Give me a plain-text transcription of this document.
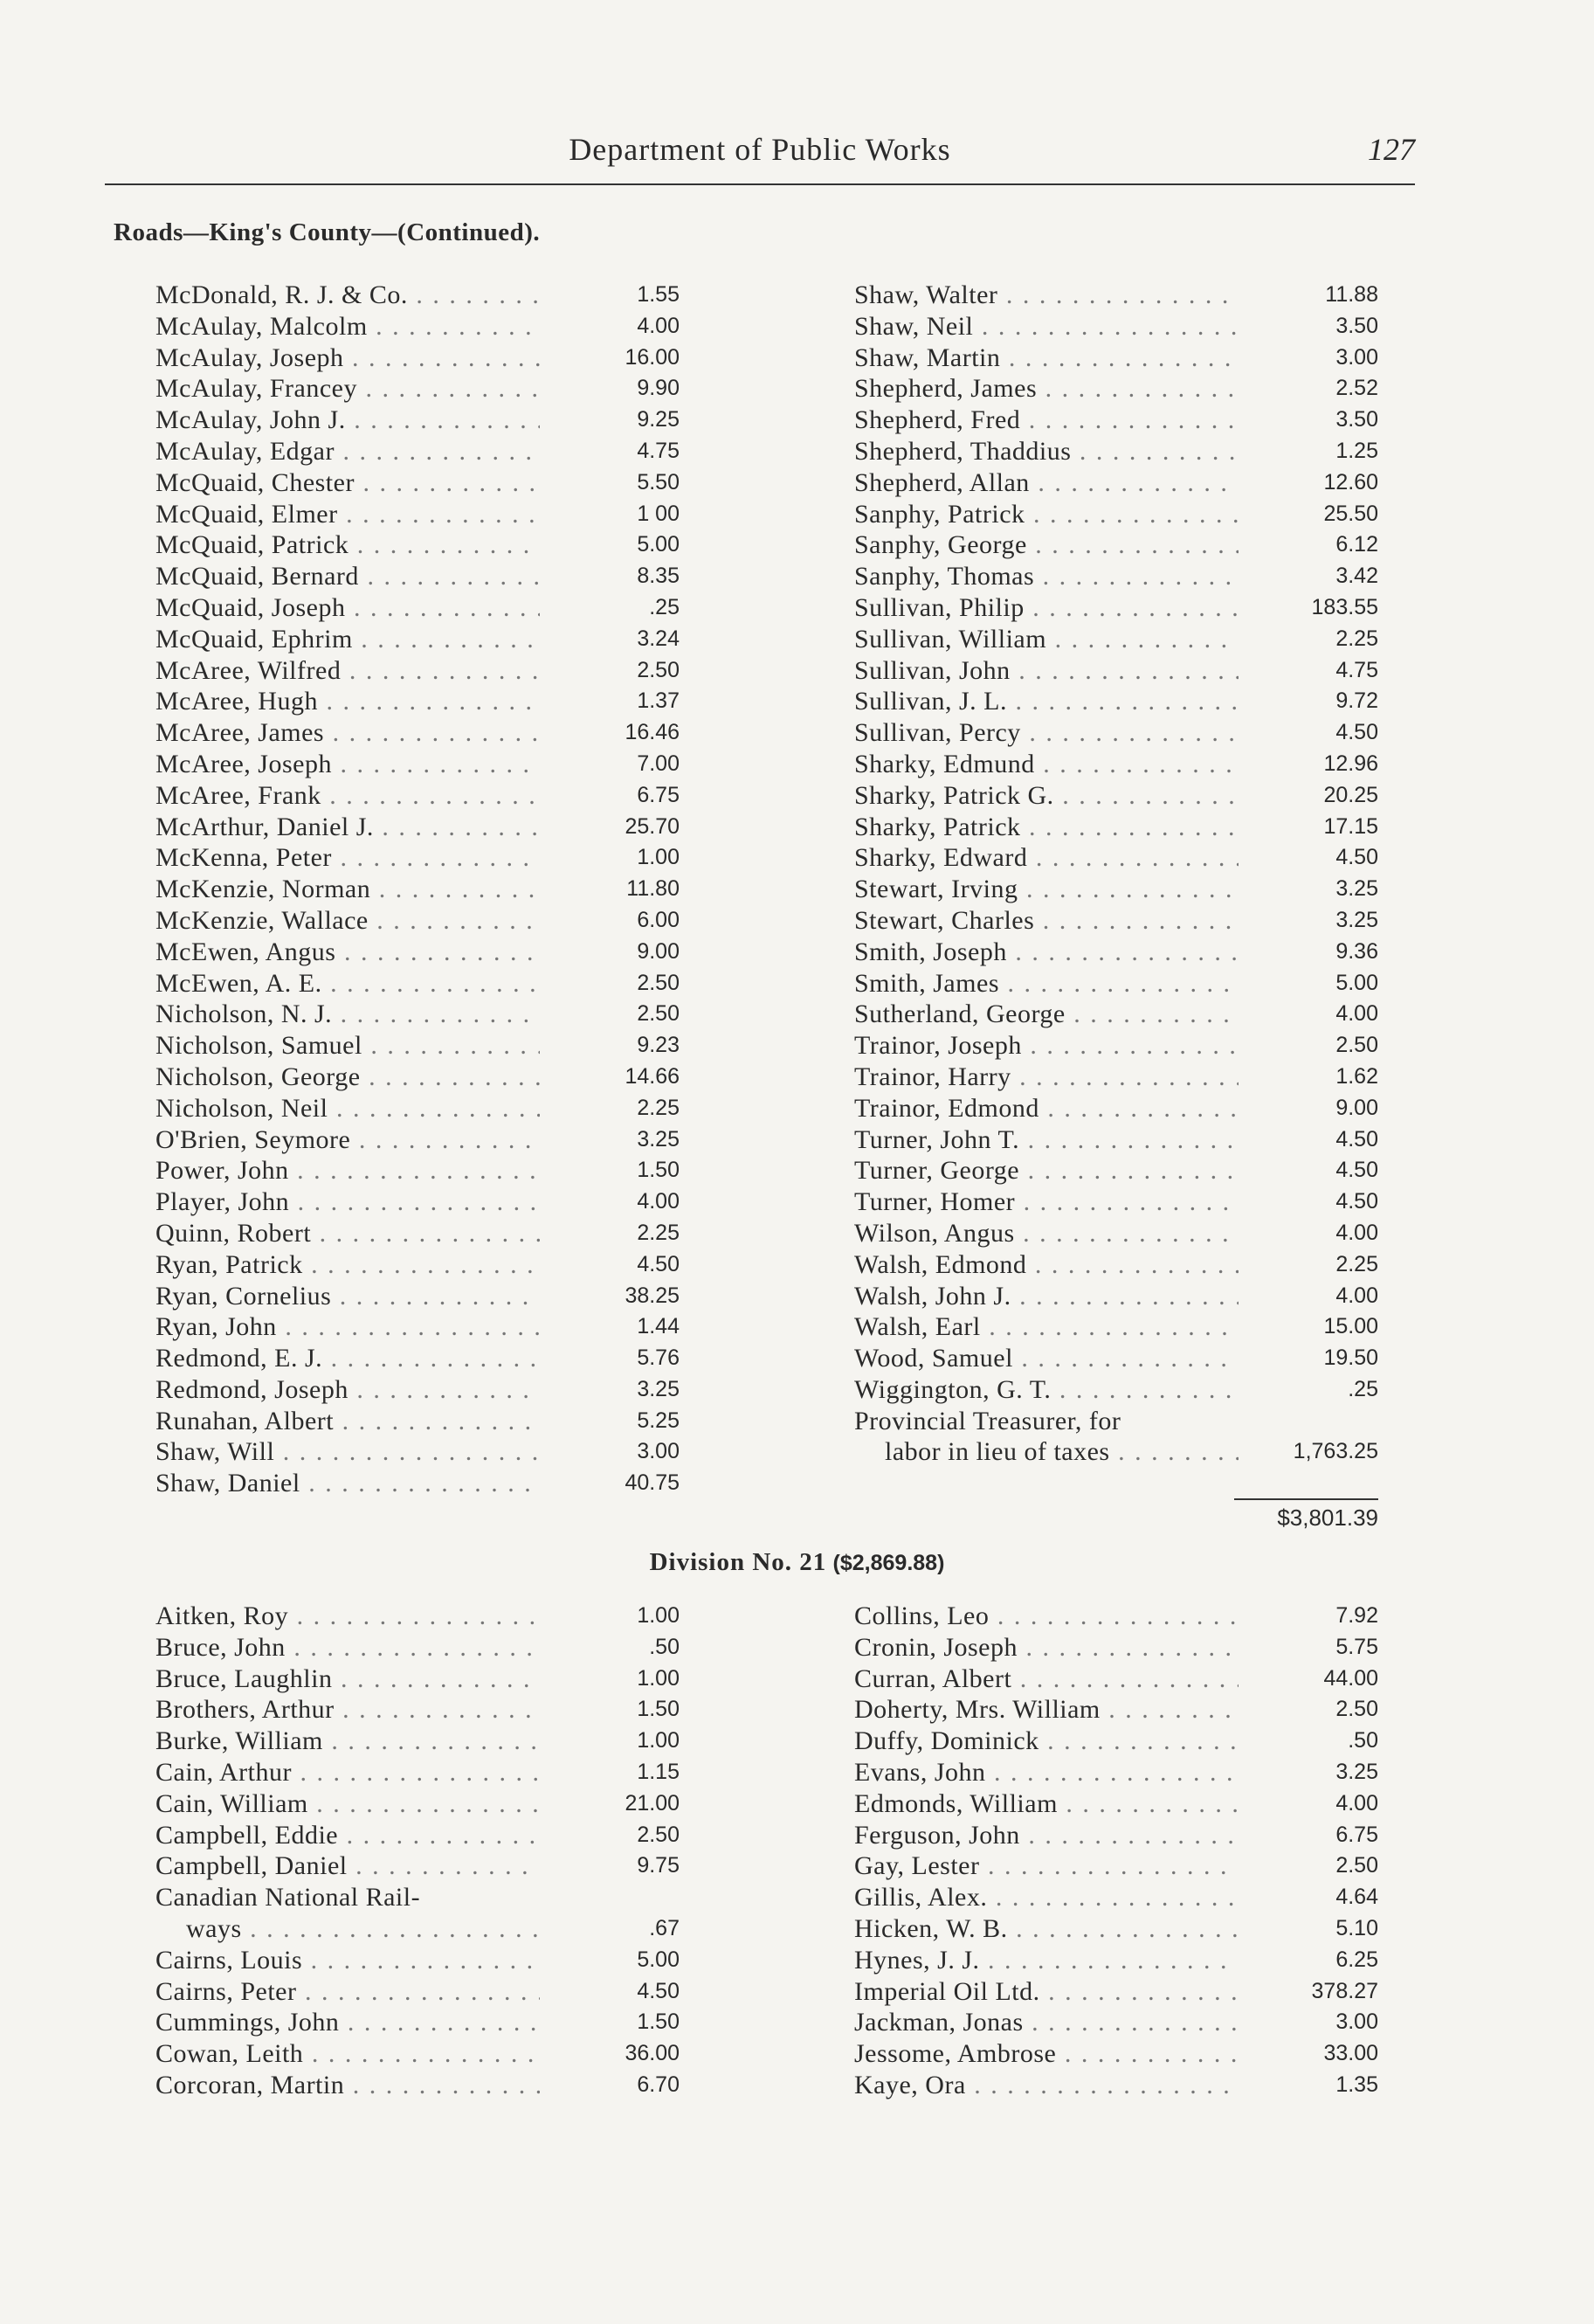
Department of Public Works	127
Roads—King's County—(Continued).
McDonald, R. J. & Co. . . .	1.55
McAulay, Malcolm . . .	4.00
McAulay, Joseph . . .	16.00
McAulay, Francey . . .	9.90
McAulay, John J. . . .	9.25
McAulay, Edgar . . .	4.75
McQuaid, Chester . . .	5.50
McQuaid, Elmer . . .	1 00
McQuaid, Patrick . . .	5.00
McQuaid, Bernard . . .	8.35
McQuaid, Joseph . . .	.25
McQuaid, Ephrim . . .	3.24
McAree, Wilfred . . .	2.50
McAree, Hugh . . .	1.37
McAree, James . . .	16.46
McAree, Joseph . . .	7.00
McAree, Frank . . .	6.75
McArthur, Daniel J. . . .	25.70
McKenna, Peter . . .	1.00
McKenzie, Norman . . .	11.80
McKenzie, Wallace . . .	6.00
McEwen, Angus . . .	9.00
McEwen, A. E. . . .	2.50
Nicholson, N. J. . . .	2.50
Nicholson, Samuel . . .	9.23
Nicholson, George . . .	14.66
Nicholson, Neil . . .	2.25
O'Brien, Seymore . . .	3.25
Power, John . . .	1.50
Player, John . . .	4.00
Quinn, Robert . . .	2.25
Ryan, Patrick . . .	4.50
Ryan, Cornelius . . .	38.25
Ryan, John . . .	1.44
Redmond, E. J. . . .	5.76
Redmond, Joseph . . .	3.25
Runahan, Albert . . .	5.25
Shaw, Will . . .	3.00
Shaw, Daniel . . .	40.75
Shaw, Walter . . .	11.88
Shaw, Neil . . .	3.50
Shaw, Martin . . .	3.00
Shepherd, James . . .	2.52
Shepherd, Fred . . .	3.50
Shepherd, Thaddius . . .	1.25
Shepherd, Allan . . .	12.60
Sanphy, Patrick . . .	25.50
Sanphy, George . . .	6.12
Sanphy, Thomas . . .	3.42
Sullivan, Philip . . .	183.55
Sullivan, William . . .	2.25
Sullivan, John . . .	4.75
Sullivan, J. L. . . .	9.72
Sullivan, Percy . . .	4.50
Sharky, Edmund . . .	12.96
Sharky, Patrick G. . . .	20.25
Sharky, Patrick . . .	17.15
Sharky, Edward . . .	4.50
Stewart, Irving . . .	3.25
Stewart, Charles . . .	3.25
Smith, Joseph . . .	9.36
Smith, James . . .	5.00
Sutherland, George . . .	4.00
Trainor, Joseph . . .	2.50
Trainor, Harry . . .	1.62
Trainor, Edmond . . .	9.00
Turner, John T. . . .	4.50
Turner, George . . .	4.50
Turner, Homer . . .	4.50
Wilson, Angus . . .	4.00
Walsh, Edmond . . .	2.25
Walsh, John J. . . .	4.00
Walsh, Earl . . .	15.00
Wood, Samuel . . .	19.50
Wiggington, G. T. . . .	.25
Provincial Treasurer, for
labor in lieu of taxes . . .	1,763.25
$3,801.39
Division No. 21 ($2,869.88)
Aitken, Roy . . .	1.00
Bruce, John . . .	.50
Bruce, Laughlin . . .	1.00
Brothers, Arthur . . .	1.50
Burke, William . . .	1.00
Cain, Arthur . . .	1.15
Cain, William . . .	21.00
Campbell, Eddie . . .	2.50
Campbell, Daniel . . .	9.75
Canadian National Rail-
ways . . .	.67
Cairns, Louis . . .	5.00
Cairns, Peter . . .	4.50
Cummings, John . . .	1.50
Cowan, Leith . . .	36.00
Corcoran, Martin . . .	6.70
Collins, Leo . . .	7.92
Cronin, Joseph . . .	5.75
Curran, Albert . . .	44.00
Doherty, Mrs. William . . .	2.50
Duffy, Dominick . . .	.50
Evans, John . . .	3.25
Edmonds, William . . .	4.00
Ferguson, John . . .	6.75
Gay, Lester . . .	2.50
Gillis, Alex. . . .	4.64
Hicken, W. B. . . .	5.10
Hynes, J. J. . . .	6.25
Imperial Oil Ltd. . . .	378.27
Jackman, Jonas . . .	3.00
Jessome, Ambrose . . .	33.00
Kaye, Ora . . .	1.35
